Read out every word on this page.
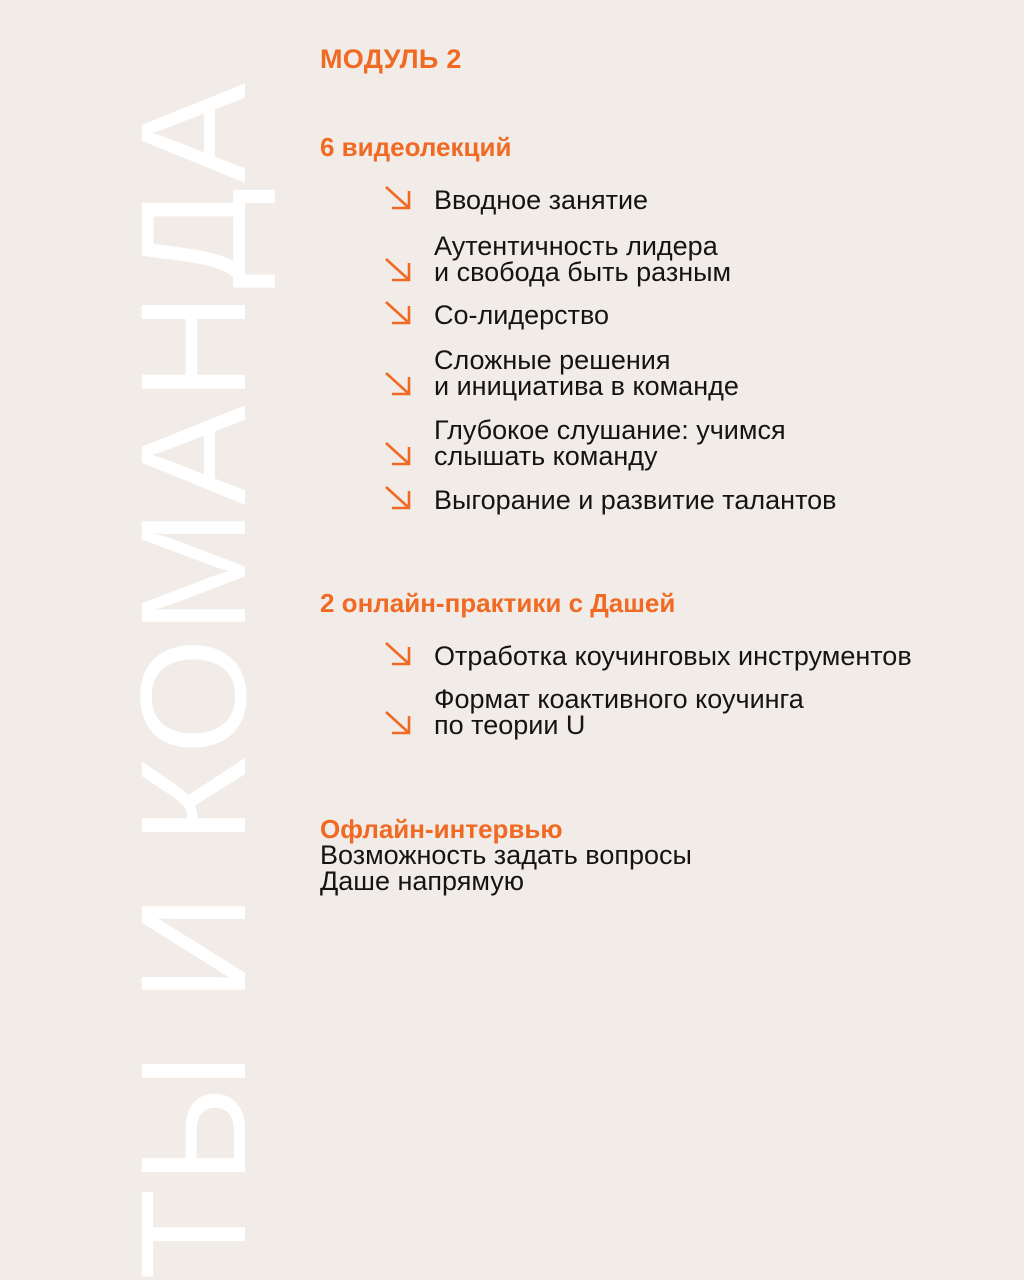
ТЫ И КОМАНДА
МОДУЛЬ 2
6 видеолекций
Вводное занятие
Аутентичность лидера
и свобода быть разным
Со-лидерство
Сложные решения
и инициатива в команде
Глубокое слушание: учимся
слышать команду
Выгорание и развитие талантов
2 онлайн-практики с Дашей
Отработка коучинговых инструментов
Формат коактивного коучинга
по теории U
Офлайн-интервью

Возможность задать вопросы
Даше напрямую
